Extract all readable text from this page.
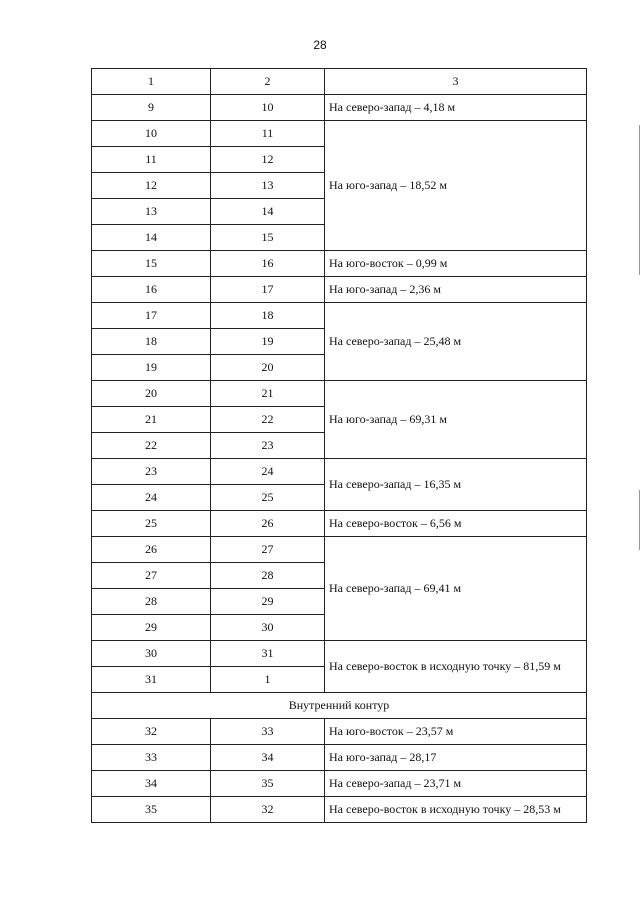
28
1	2	3
9	10	На северо-запад – 4,18 м
10	11	На юго-запад – 18,52 м
11	12	
12	13	
13	14	
14	15	
15	16	На юго-восток – 0,99 м
16	17	На юго-запад – 2,36 м
17	18	На северо-запад – 25,48 м
18	19	
19	20	
20	21	На юго-запад – 69,31 м
21	22	
22	23	
23	24	На северо-запад – 16,35 м
24	25	
25	26	На северо-восток – 6,56 м
26	27	На северо-запад – 69,41 м
27	28	
28	29	
29	30	
30	31	На северо-восток в исходную точку – 81,59 м
31	1	
Внутренний контур		
32	33	На юго-восток – 23,57 м
33	34	На юго-запад – 28,17
34	35	На северо-запад – 23,71 м
35	32	На северо-восток в исходную точку – 28,53 м
